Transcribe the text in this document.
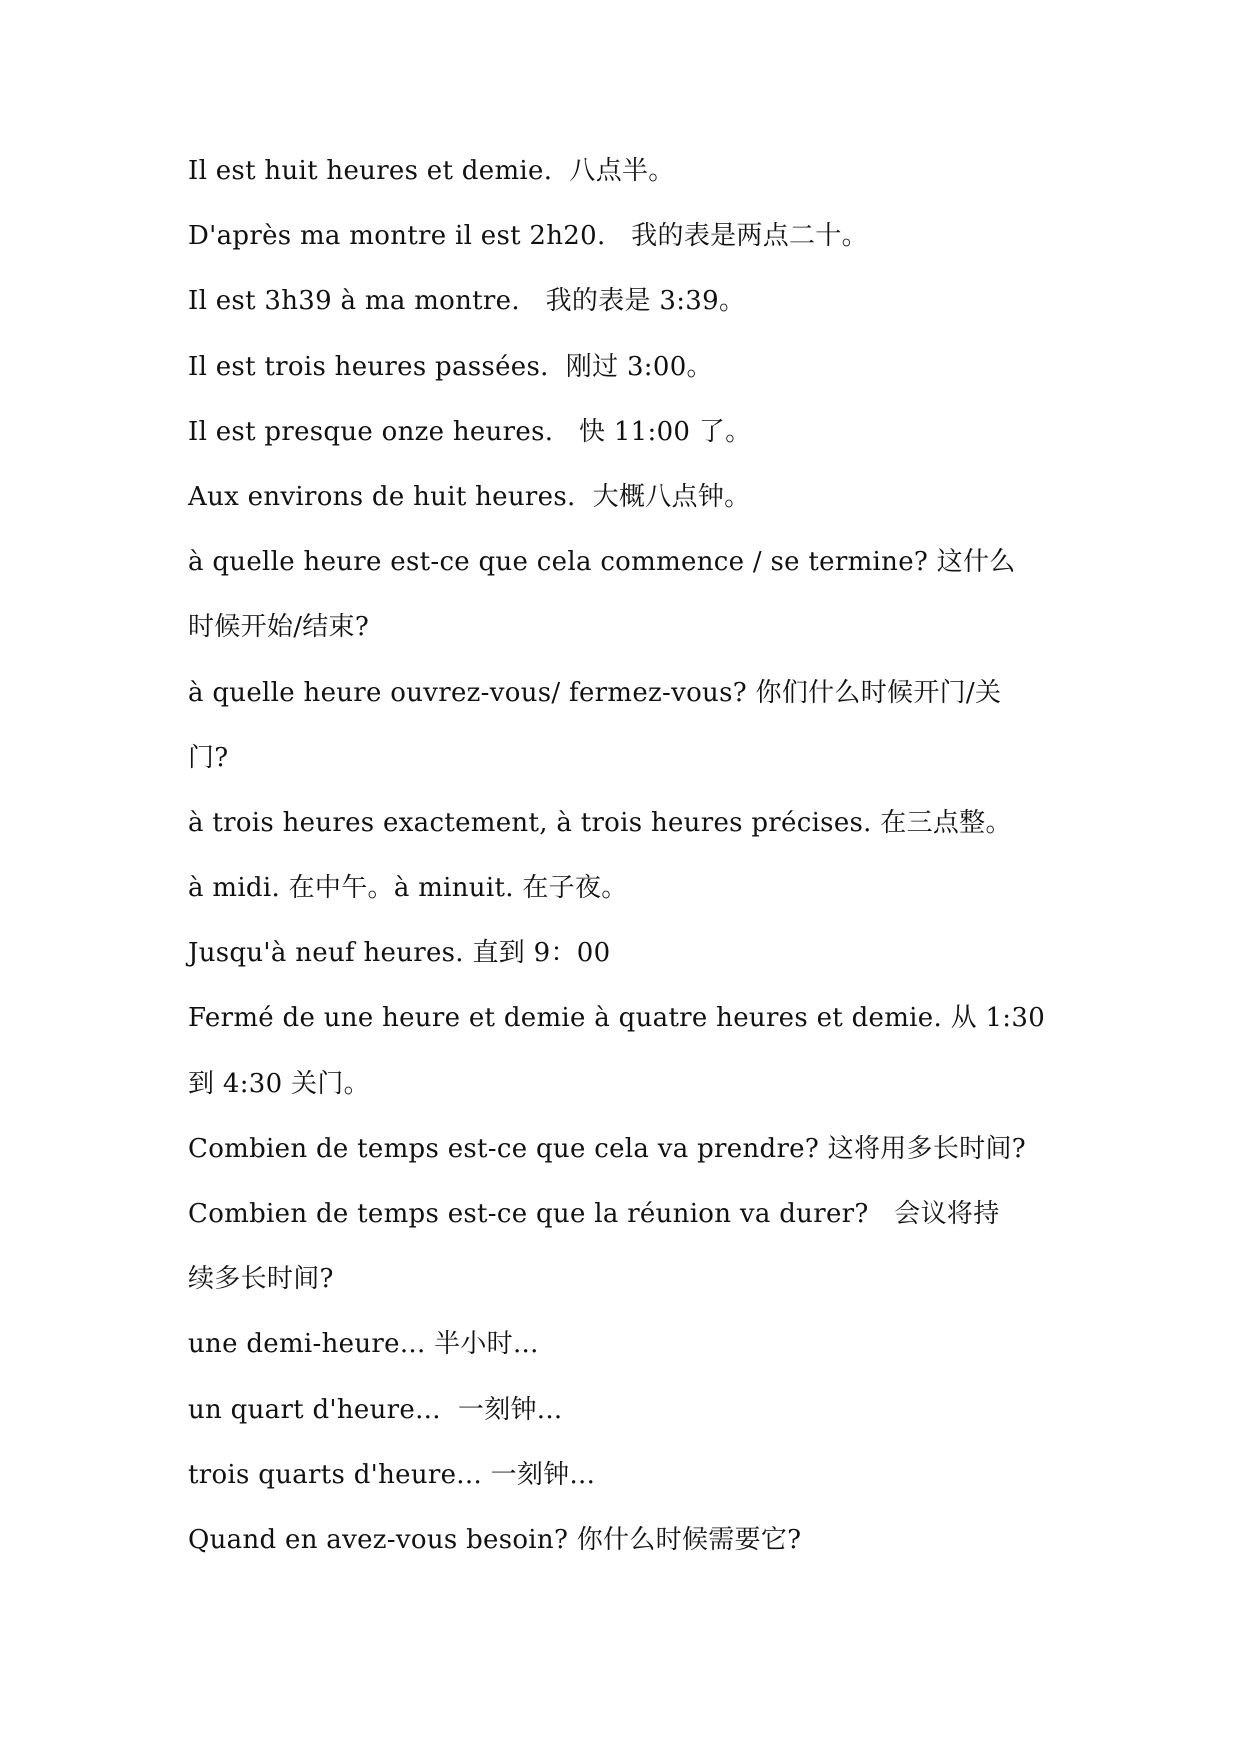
Il est huit heures et demie.  八点半。
D'après ma montre il est 2h20.   我的表是两点二十。
Il est 3h39 à ma montre.   我的表是 3:39。
Il est trois heures passées.  刚过 3:00。
Il est presque onze heures.   快 11:00 了。
Aux environs de huit heures.  大概八点钟。
à quelle heure est-ce que cela commence / se termine? 这什么
时候开始/结束?
à quelle heure ouvrez-vous/ fermez-vous? 你们什么时候开门/关
门?
à trois heures exactement, à trois heures précises. 在三点整。
à midi. 在中午。à minuit. 在子夜。
Jusqu'à neuf heures. 直到 9：00
Fermé de une heure et demie à quatre heures et demie. 从 1:30
到 4:30 关门。
Combien de temps est-ce que cela va prendre? 这将用多长时间?
Combien de temps est-ce que la réunion va durer?   会议将持
续多长时间?
une demi-heure... 半小时...
un quart d'heure...  一刻钟...
trois quarts d'heure... 一刻钟...
Quand en avez-vous besoin? 你什么时候需要它?
